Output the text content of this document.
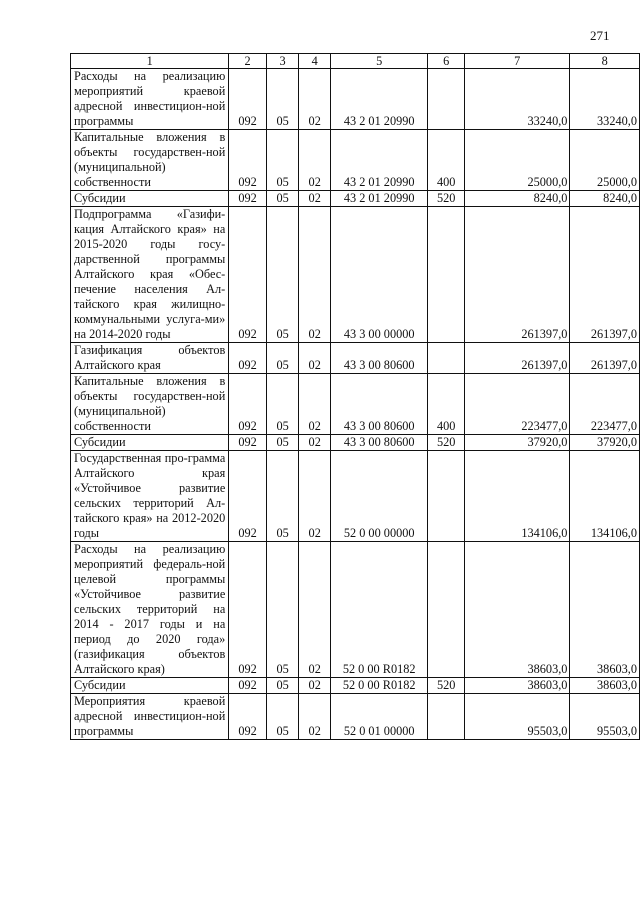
271
1	2	3	4	5	6	7	8
Расходы на реализацию мероприятий краевой адресной инвестицион-ной программы	092	05	02	43 2 01 20990		33240,0	33240,0
Капитальные вложения в объекты государствен-ной (муниципальной) собственности	092	05	02	43 2 01 20990	400	25000,0	25000,0
Субсидии	092	05	02	43 2 01 20990	520	8240,0	8240,0
Подпрограмма «Газифи-кация Алтайского края» на 2015-2020 годы госу-дарственной программы Алтайского края «Обес-печение населения Ал-тайского края жилищно-коммунальными услуга-ми» на 2014-2020 годы	092	05	02	43 3 00 00000		261397,0	261397,0
Газификация объектов Алтайского края	092	05	02	43 3 00 80600		261397,0	261397,0
Капитальные вложения в объекты государствен-ной (муниципальной) собственности	092	05	02	43 3 00 80600	400	223477,0	223477,0
Субсидии	092	05	02	43 3 00 80600	520	37920,0	37920,0
Государственная про-грамма Алтайского края «Устойчивое развитие сельских территорий Ал-тайского края» на 2012-2020 годы	092	05	02	52 0 00 00000		134106,0	134106,0
Расходы на реализацию мероприятий федераль-ной целевой программы «Устойчивое развитие сельских территорий на 2014 - 2017 годы и на период до 2020 года» (газификация объектов Алтайского края)	092	05	02	52 0 00 R0182		38603,0	38603,0
Субсидии	092	05	02	52 0 00 R0182	520	38603,0	38603,0
Мероприятия краевой адресной инвестицион-ной программы	092	05	02	52 0 01 00000		95503,0	95503,0
